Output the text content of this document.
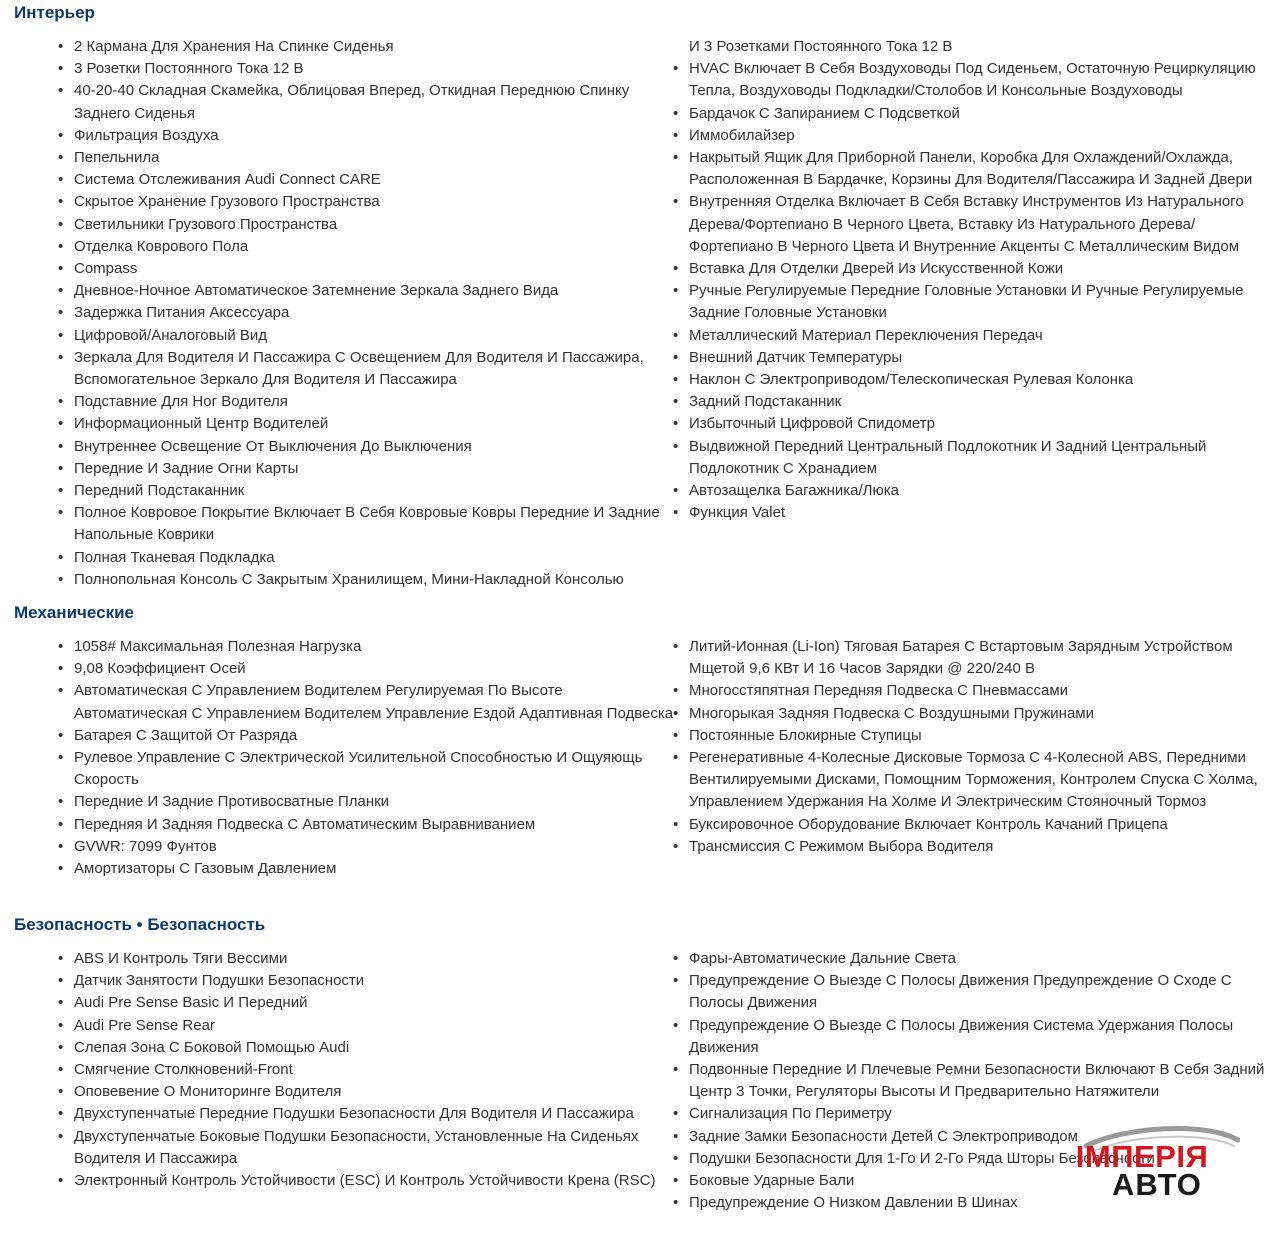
Интерьер
• 2 Кармана Для Хранения На Спинке Сиденья
• 3 Розетки Постоянного Тока 12 В
• 40-20-40 Складная Скамейка, Облицовая Вперед, Откидная Переднюю Спинку Заднего Сиденья
• Фильтрация Воздуха
• Пепельнила
• Система Отслеживания Audi Connect CARE
• Скрытое Хранение Грузового Пространства
• Светильники Грузового Пространства
• Отделка Коврового Пола
• Compass
• Дневное-Ночное Автоматическое Затемнение Зеркала Заднего Вида
• Задержка Питания Аксессуара
• Цифровой/Аналоговый Вид
• Зеркала Для Водителя И Пассажира С Освещением Для Водителя И Пассажира, Вспомогательное Зеркало Для Водителя И Пассажира
• Подставние Для Ног Водителя
• Информационный Центр Водителей
• Внутреннее Освещение От Выключения До Выключения
• Передние И Задние Огни Карты
• Передний Подстаканник
• Полное Ковровое Покрытие Включает В Себя Ковровые Ковры Передние И Задние Напольные Коврики
• Полная Тканевая Подкладка
• Полнопольная Консоль С Закрытым Хранилищем, Мини-Накладной Консолью
И 3 Розетками Постоянного Тока 12 В
• HVAC Включает В Себя Воздуховоды Под Сиденьем, Остаточную Рециркуляцию Тепла, Воздуховоды Подкладки/Столобов И Консольные Воздуховоды
• Бардачок С Запиранием С Подсветкой
• Иммобилайзер
• Накрытый Ящик Для Приборной Панели, Коробка Для Охлаждений/Охлажда, Расположенная В Бардачке, Корзины Для Водителя/Пассажира И Задней Двери
• Внутренняя Отделка Включает В Себя Вставку Инструментов Из Натурального Дерева/Фортепиано В Черного Цвета, Вставку Из Натурального Дерева/ Фортепиано В Черного Цвета И Внутренние Акценты С Металлическим Видом
• Вставка Для Отделки Дверей Из Искусственной Кожи
• Ручные Регулируемые Передние Головные Установки И Ручные Регулируемые Задние Головные Установки
• Металлический Материал Переключения Передач
• Внешний Датчик Температуры
• Наклон С Электроприводом/Телескопическая Рулевая Колонка
• Задний Подстаканник
• Избыточный Цифровой Спидометр
• Выдвижной Передний Центральный Подлокотник И Задний Центральный Подлокотник С Хранадием
• Автозащелка Багажника/Люка
• Функция Valet
Механические
• 1058# Максимальная Полезная Нагрузка
• 9,08 Коэффициент Осей
• Автоматическая С Управлением Водителем Регулируемая По Высоте Автоматическая С Управлением Водителем Управление Ездой Адаптивная Подвеска
• Батарея С Защитой От Разряда
• Рулевое Управление С Электрической Усилительной Способностью И Ощуяющь Скорость
• Передние И Задние Противосватные Планки
• Передняя И Задняя Подвеска С Автоматическим Выравниванием
• GVWR: 7099 Фунтов
• Амортизаторы С Газовым Давлением
• Литий-Ионная (Li-Ion) Тяговая Батарея С Встартовым Зарядным Устройством Мщетой 9,6 КВт И 16 Часов Зарядки @ 220/240 В
• Многосстяпятная Передняя Подвеска С Пневмассами
• Многорыкая Задняя Подвеска С Воздушными Пружинами
• Постоянные Блокирные Ступицы
• Регенеративные 4-Колесные Дисковые Тормоза С 4-Колесной ABS, Передними Вентилируемыми Дисками, Помощним Торможения, Контролем Спуска С Холма, Управлением Удержания На Холме И Электрическим Стояночный Тормоз
• Буксировочное Оборудование Включает Контроль Качаний Прицепа
• Трансмиссия С Режимом Выбора Водителя
Безопасность • Безопасность
• ABS И Контроль Тяги Вессими
• Датчик Занятости Подушки Безопасности
• Audi Pre Sense Basic И Передний
• Audi Pre Sense Rear
• Слепая Зона С Боковой Помощью Audi
• Смягчение Столкновений-Front
• Оповевение О Мониторинге Водителя
• Двухступенчатые Передние Подушки Безопасности Для Водителя И Пассажира
• Двухступенчатые Боковые Подушки Безопасности, Установленные На Сиденьях Водителя И Пассажира
• Электронный Контроль Устойчивости (ESC) И Контроль Устойчивости Крена (RSC)
• Фары-Автоматические Дальние Света
• Предупреждение О Выезде С Полосы Движения Предупреждение О Сходе С Полосы Движения
• Предупреждение О Выезде С Полосы Движения Система Удержания Полосы Движения
• Подвонные Передние И Плечевые Ремни Безопасности Включают В Себя Задний Центр 3 Точки, Регуляторы Высоты И Предварительно Натяжители
• Сигнализация По Периметру
• Задние Замки Безопасности Детей С Электроприводом
• Подушки Безопасности Для 1-Го И 2-Го Ряда Шторы Безопасности
• Боковые Ударные Бали
• Предупреждение О Низком Давлении В Шинах
ІМПЕРІЯ
АВТО
